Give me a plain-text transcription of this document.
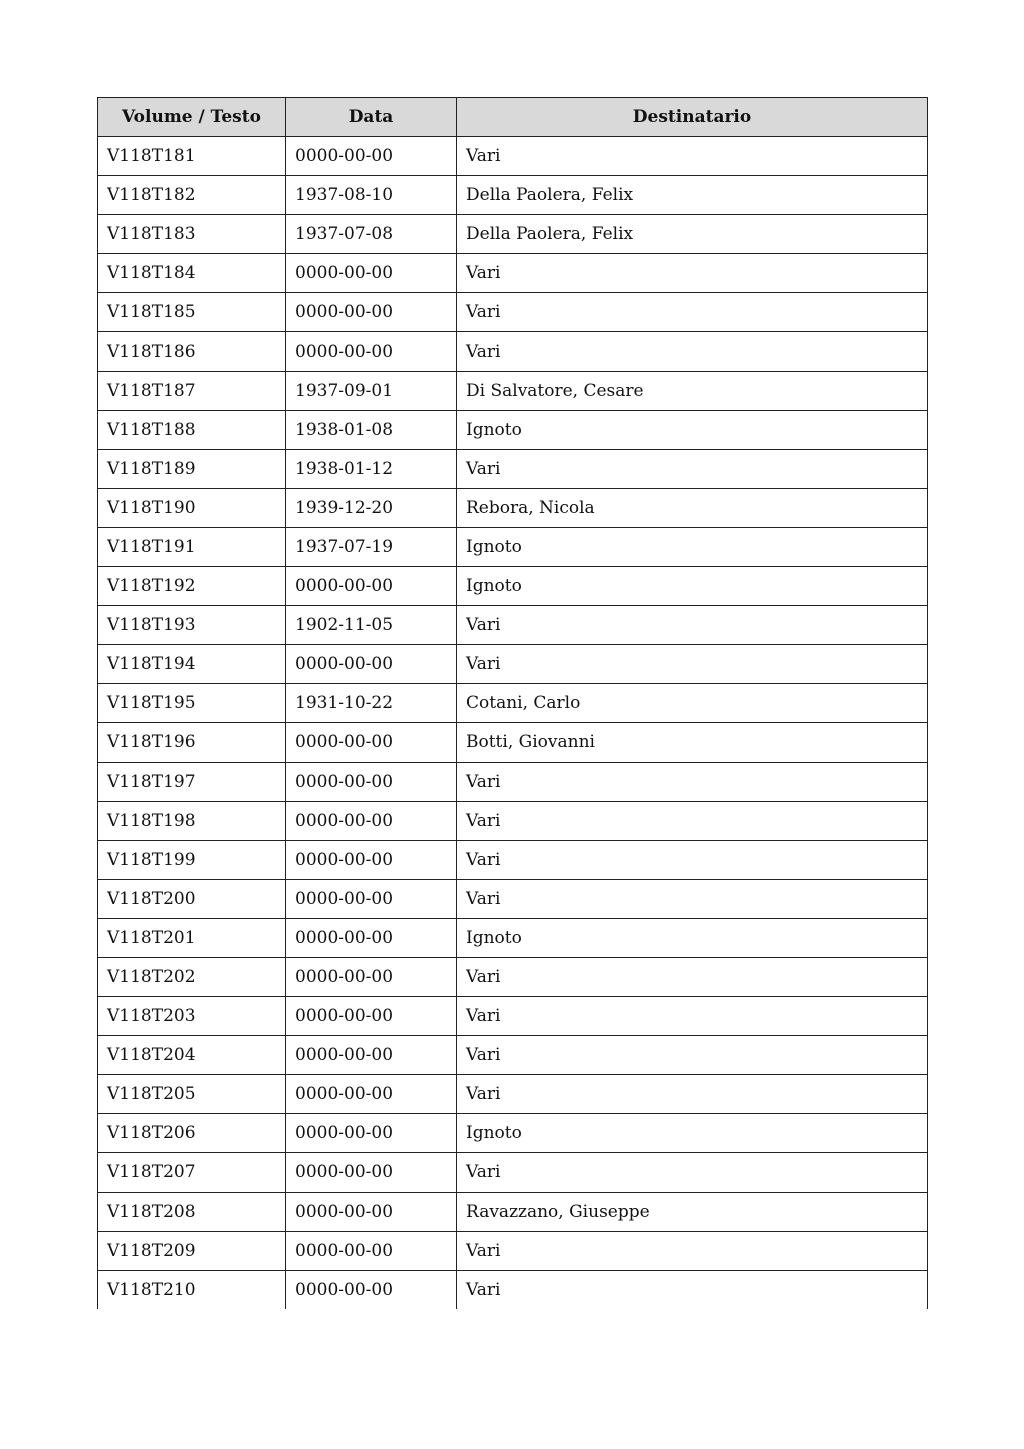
Volume / Testo	Data	Destinatario
V118T181	0000-00-00	Vari
V118T182	1937-08-10	Della Paolera, Felix
V118T183	1937-07-08	Della Paolera, Felix
V118T184	0000-00-00	Vari
V118T185	0000-00-00	Vari
V118T186	0000-00-00	Vari
V118T187	1937-09-01	Di Salvatore, Cesare
V118T188	1938-01-08	Ignoto
V118T189	1938-01-12	Vari
V118T190	1939-12-20	Rebora, Nicola
V118T191	1937-07-19	Ignoto
V118T192	0000-00-00	Ignoto
V118T193	1902-11-05	Vari
V118T194	0000-00-00	Vari
V118T195	1931-10-22	Cotani, Carlo
V118T196	0000-00-00	Botti, Giovanni
V118T197	0000-00-00	Vari
V118T198	0000-00-00	Vari
V118T199	0000-00-00	Vari
V118T200	0000-00-00	Vari
V118T201	0000-00-00	Ignoto
V118T202	0000-00-00	Vari
V118T203	0000-00-00	Vari
V118T204	0000-00-00	Vari
V118T205	0000-00-00	Vari
V118T206	0000-00-00	Ignoto
V118T207	0000-00-00	Vari
V118T208	0000-00-00	Ravazzano, Giuseppe
V118T209	0000-00-00	Vari
V118T210	0000-00-00	Vari
